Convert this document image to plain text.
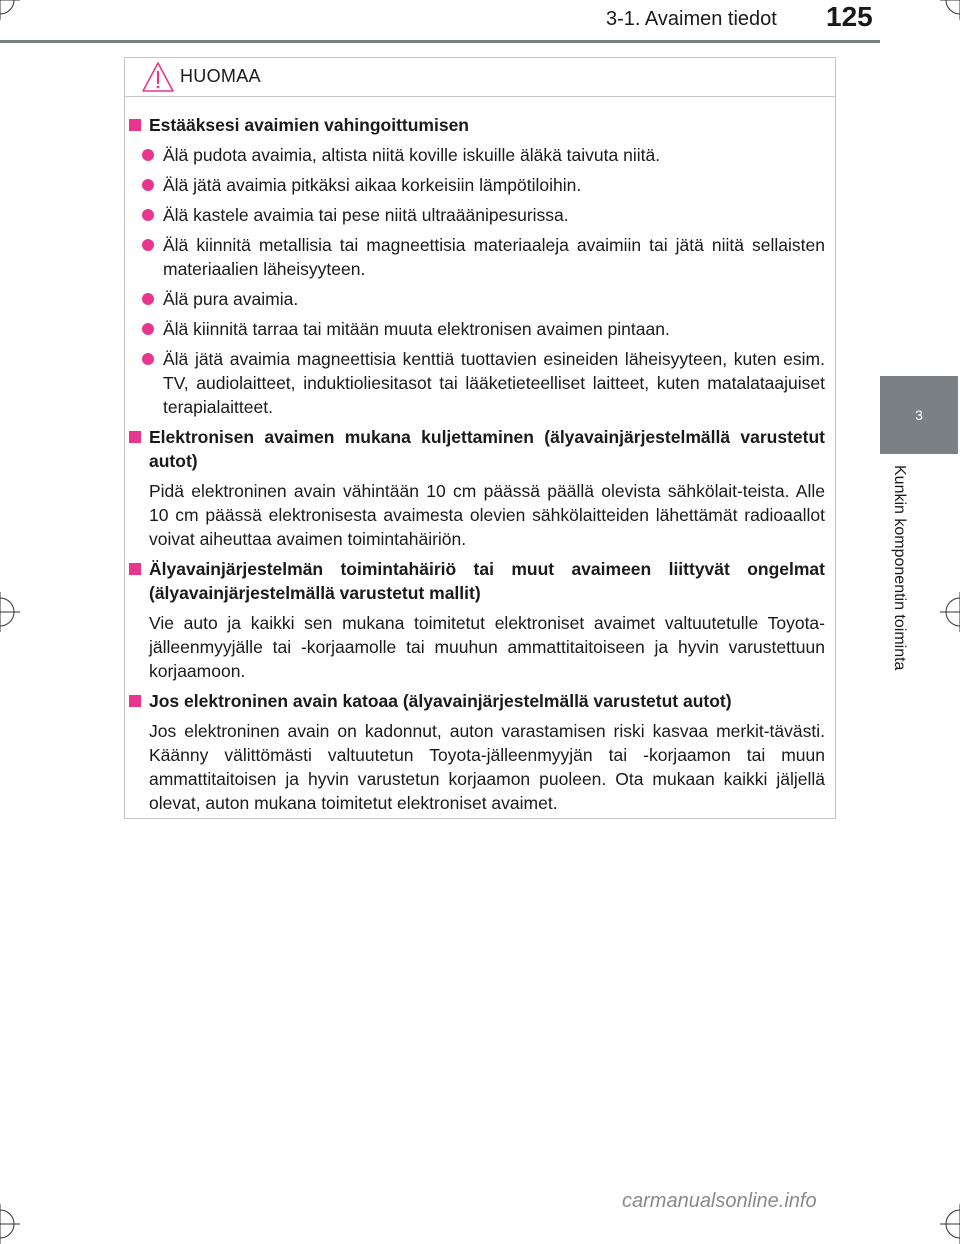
3-1. Avaimen tiedot 125
3
Kunkin komponentin toiminta
HUOMAA
Estääksesi avaimien vahingoittumisen
Älä pudota avaimia, altista niitä koville iskuille äläkä taivuta niitä.
Älä jätä avaimia pitkäksi aikaa korkeisiin lämpötiloihin.
Älä kastele avaimia tai pese niitä ultraäänipesurissa.
Älä kiinnitä metallisia tai magneettisia materiaaleja avaimiin tai jätä niitä sellaisten materiaalien läheisyyteen.
Älä pura avaimia.
Älä kiinnitä tarraa tai mitään muuta elektronisen avaimen pintaan.
Älä jätä avaimia magneettisia kenttiä tuottavien esineiden läheisyyteen, kuten esim. TV, audiolaitteet, induktioliesitasot tai lääketieteelliset laitteet, kuten matalataajuiset terapialaitteet.
Elektronisen avaimen mukana kuljettaminen (älyavainjärjestelmällä varustetut autot)
Pidä elektroninen avain vähintään 10 cm päässä päällä olevista sähkölait-teista. Alle 10 cm päässä elektronisesta avaimesta olevien sähkölaitteiden lähettämät radioaallot voivat aiheuttaa avaimen toimintahäiriön.
Älyavainjärjestelmän toimintahäiriö tai muut avaimeen liittyvät ongelmat (älyavainjärjestelmällä varustetut mallit)
Vie auto ja kaikki sen mukana toimitetut elektroniset avaimet valtuutetulle Toyota-jälleenmyyjälle tai -korjaamolle tai muuhun ammattitaitoiseen ja hyvin varustettuun korjaamoon.
Jos elektroninen avain katoaa (älyavainjärjestelmällä varustetut autot)
Jos elektroninen avain on kadonnut, auton varastamisen riski kasvaa merkit-tävästi. Käänny välittömästi valtuutetun Toyota-jälleenmyyjän tai -korjaamon tai muun ammattitaitoisen ja hyvin varustetun korjaamon puoleen. Ota mukaan kaikki jäljellä olevat, auton mukana toimitetut elektroniset avaimet.
carmanualsonline.info
